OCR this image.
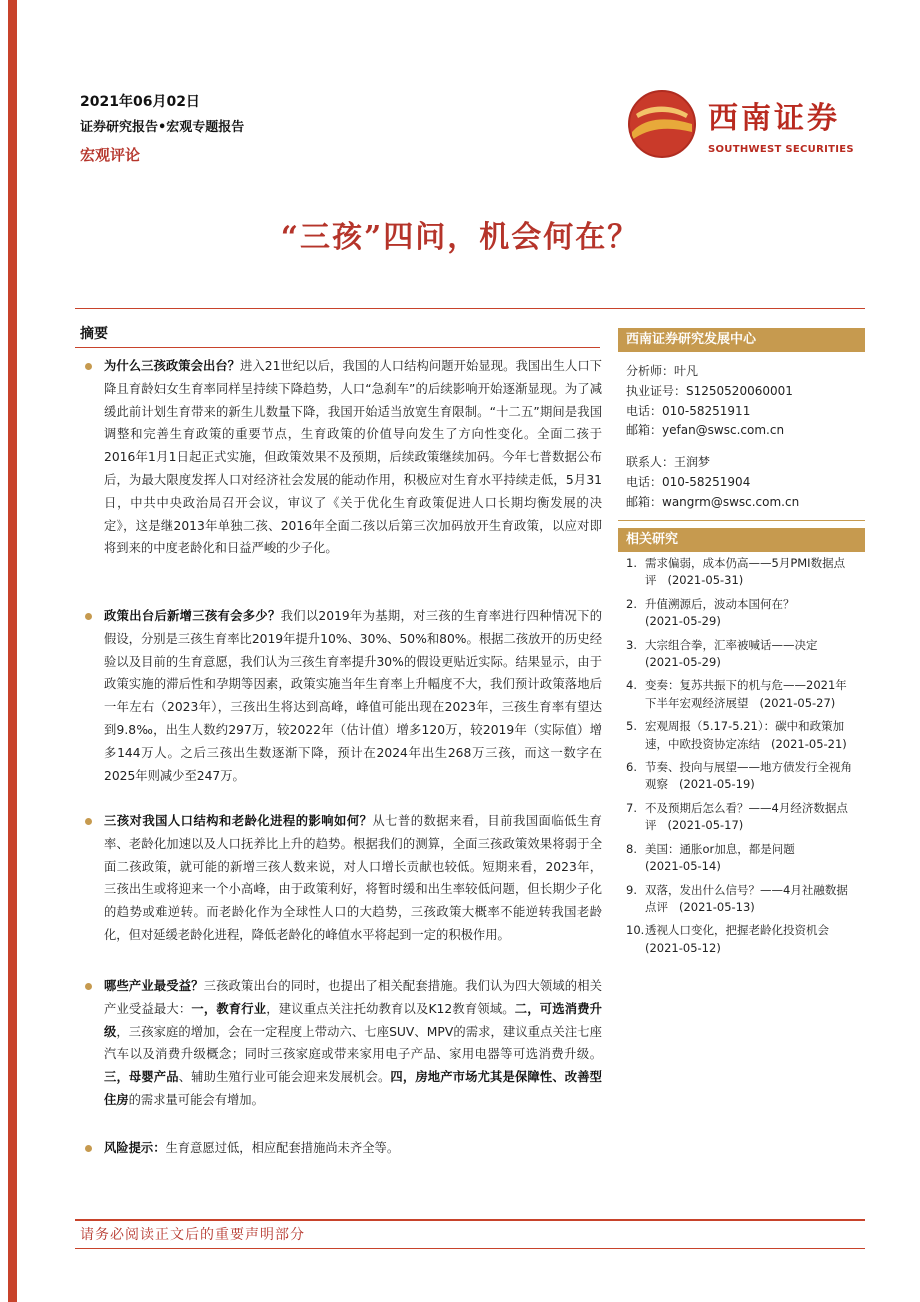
2021年06月02日
证券研究报告•宏观专题报告
宏观评论
西南证券
SOUTHWEST SECURITIES
“三孩”四问，机会何在？
摘要
为什么三孩政策会出台？进入21世纪以后，我国的人口结构问题开始显现。我国出生人口下降且育龄妇女生育率同样呈持续下降趋势，人口“急刹车”的后续影响开始逐渐显现。为了减缓此前计划生育带来的新生儿数量下降，我国开始适当放宽生育限制。“十二五”期间是我国调整和完善生育政策的重要节点，生育政策的价值导向发生了方向性变化。全面二孩于2016年1月1日起正式实施，但政策效果不及预期，后续政策继续加码。今年七普数据公布后，为最大限度发挥人口对经济社会发展的能动作用，积极应对生育水平持续走低，5月31日，中共中央政治局召开会议，审议了《关于优化生育政策促进人口长期均衡发展的决定》，这是继2013年单独二孩、2016年全面二孩以后第三次加码放开生育政策，以应对即将到来的中度老龄化和日益严峻的少子化。
政策出台后新增三孩有会多少？我们以2019年为基期，对三孩的生育率进行四种情况下的假设，分别是三孩生育率比2019年提升10%、30%、50%和80%。根据二孩放开的历史经验以及目前的生育意愿，我们认为三孩生育率提升30%的假设更贴近实际。结果显示，由于政策实施的滞后性和孕期等因素，政策实施当年生育率上升幅度不大，我们预计政策落地后一年左右（2023年），三孩出生将达到高峰，峰值可能出现在2023年，三孩生育率有望达到9.8‰，出生人数约297万，较2022年（估计值）增多120万，较2019年（实际值）增多144万人。之后三孩出生数逐渐下降，预计在2024年出生268万三孩，而这一数字在2025年则减少至247万。
三孩对我国人口结构和老龄化进程的影响如何？从七普的数据来看，目前我国面临低生育率、老龄化加速以及人口抚养比上升的趋势。根据我们的测算，全面三孩政策效果将弱于全面二孩政策，就可能的新增三孩人数来说，对人口增长贡献也较低。短期来看，2023年，三孩出生或将迎来一个小高峰，由于政策利好，将暂时缓和出生率较低问题，但长期少子化的趋势或难逆转。而老龄化作为全球性人口的大趋势，三孩政策大概率不能逆转我国老龄化，但对延缓老龄化进程，降低老龄化的峰值水平将起到一定的积极作用。
哪些产业最受益？三孩政策出台的同时，也提出了相关配套措施。我们认为四大领域的相关产业受益最大：一，教育行业，建议重点关注托幼教育以及K12教育领域。二，可选消费升级，三孩家庭的增加，会在一定程度上带动六、七座SUV、MPV的需求，建议重点关注七座汽车以及消费升级概念；同时三孩家庭或带来家用电子产品、家用电器等可选消费升级。三，母婴产品、辅助生殖行业可能会迎来发展机会。四，房地产市场尤其是保障性、改善型住房的需求量可能会有增加。
风险提示：生育意愿过低，相应配套措施尚未齐全等。
西南证券研究发展中心
分析师：叶凡
执业证号：S1250520060001
电话：010-58251911
邮箱：yefan@swsc.com.cn
联系人：王润梦
电话：010-58251904
邮箱：wangrm@swsc.com.cn
相关研究
1. 需求偏弱，成本仍高——5月PMI数据点评 (2021-05-31)
2. 升值溯源后，波动本国何在？
(2021-05-29)
3. 大宗组合拳，汇率被喊话——决定
(2021-05-29)
4. 变奏：复苏共振下的机与危——2021年下半年宏观经济展望 (2021-05-27)
5. 宏观周报（5.17-5.21）：碳中和政策加速，中欧投资协定冻结 (2021-05-21)
6. 节奏、投向与展望——地方债发行全视角观察 (2021-05-19)
7. 不及预期后怎么看？——4月经济数据点评 (2021-05-17)
8. 美国：通胀or加息，都是问题
(2021-05-14)
9. 双落，发出什么信号？——4月社融数据点评 (2021-05-13)
10. 透视人口变化，把握老龄化投资机会
(2021-05-12)
请务必阅读正文后的重要声明部分
